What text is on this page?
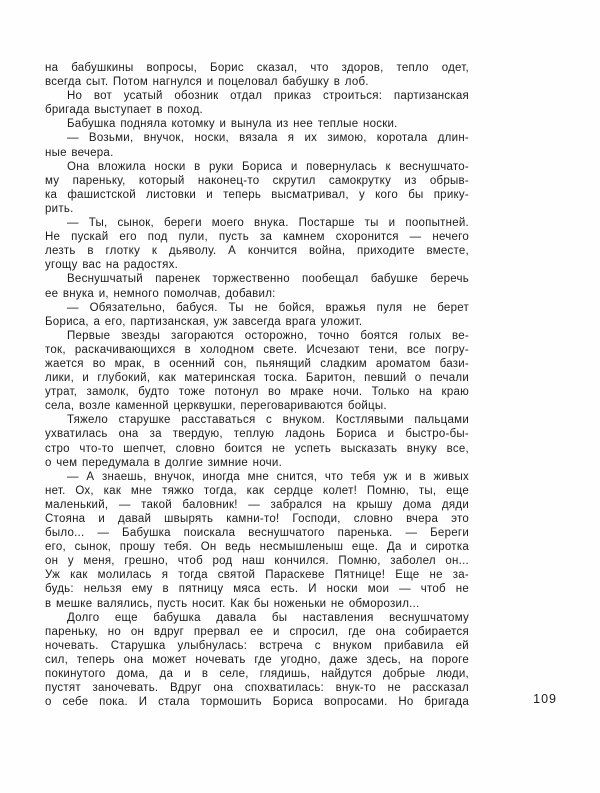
на бабушкины вопросы, Борис сказал, что здоров, тепло одет,
всегда сыт. Потом нагнулся и поцеловал бабушку в лоб.
Но вот усатый обозник отдал приказ строиться: партизанская
бригада выступает в поход.
Бабушка подняла котомку и вынула из нее теплые носки.
— Возьми, внучок, носки, вязала я их зимою, коротала длин-
ные вечера.
Она вложила носки в руки Бориса и повернулась к веснушчато-
му пареньку, который наконец-то скрутил самокрутку из обрыв-
ка фашистской листовки и теперь высматривал, у кого бы прику-
рить.
— Ты, сынок, береги моего внука. Постарше ты и поопытней.
Не пускай его под пули, пусть за камнем схоронится — нечего
лезть в глотку к дьяволу. А кончится война, приходите вместе,
угощу вас на радостях.
Веснушчатый паренек торжественно пообещал бабушке беречь
ее внука и, немного помолчав, добавил:
— Обязательно, бабуся. Ты не бойся, вражья пуля не берет
Бориса, а его, партизанская, уж завсегда врага уложит.
Первые звезды загораются осторожно, точно боятся голых ве-
ток, раскачивающихся в холодном свете. Исчезают тени, все погру-
жается во мрак, в осенний сон, пьянящий сладким ароматом бази-
лики, и глубокий, как материнская тоска. Баритон, певший о печали
утрат, замолк, будто тоже потонул во мраке ночи. Только на краю
села, возле каменной церквушки, переговариваются бойцы.
Тяжело старушке расставаться с внуком. Костлявыми пальцами
ухватилась она за твердую, теплую ладонь Бориса и быстро-бы-
стро что-то шепчет, словно боится не успеть высказать внуку все,
о чем передумала в долгие зимние ночи.
— А знаешь, внучок, иногда мне снится, что тебя уж и в живых
нет. Ох, как мне тяжко тогда, как сердце колет! Помню, ты, еще
маленький, — такой баловник! — забрался на крышу дома дяди
Стояна и давай швырять камни-то! Господи, словно вчера это
было... — Бабушка поискала веснушчатого паренька. — Береги
его, сынок, прошу тебя. Он ведь несмышленыш еще. Да и сиротка
он у меня, грешно, чтоб род наш кончился. Помню, заболел он...
Уж как молилась я тогда святой Параскеве Пятнице! Еще не за-
будь: нельзя ему в пятницу мяса есть. И носки мои — чтоб не
в мешке валялись, пусть носит. Как бы ноженьки не обморозил...
Долго еще бабушка давала бы наставления веснушчатому
пареньку, но он вдруг прервал ее и спросил, где она собирается
ночевать. Старушка улыбнулась: встреча с внуком прибавила ей
сил, теперь она может ночевать где угодно, даже здесь, на пороге
покинутого дома, да и в селе, глядишь, найдутся добрые люди,
пустят заночевать. Вдруг она спохватилась: внук-то не рассказал
о себе пока. И стала тормошить Бориса вопросами. Но бригада	109
